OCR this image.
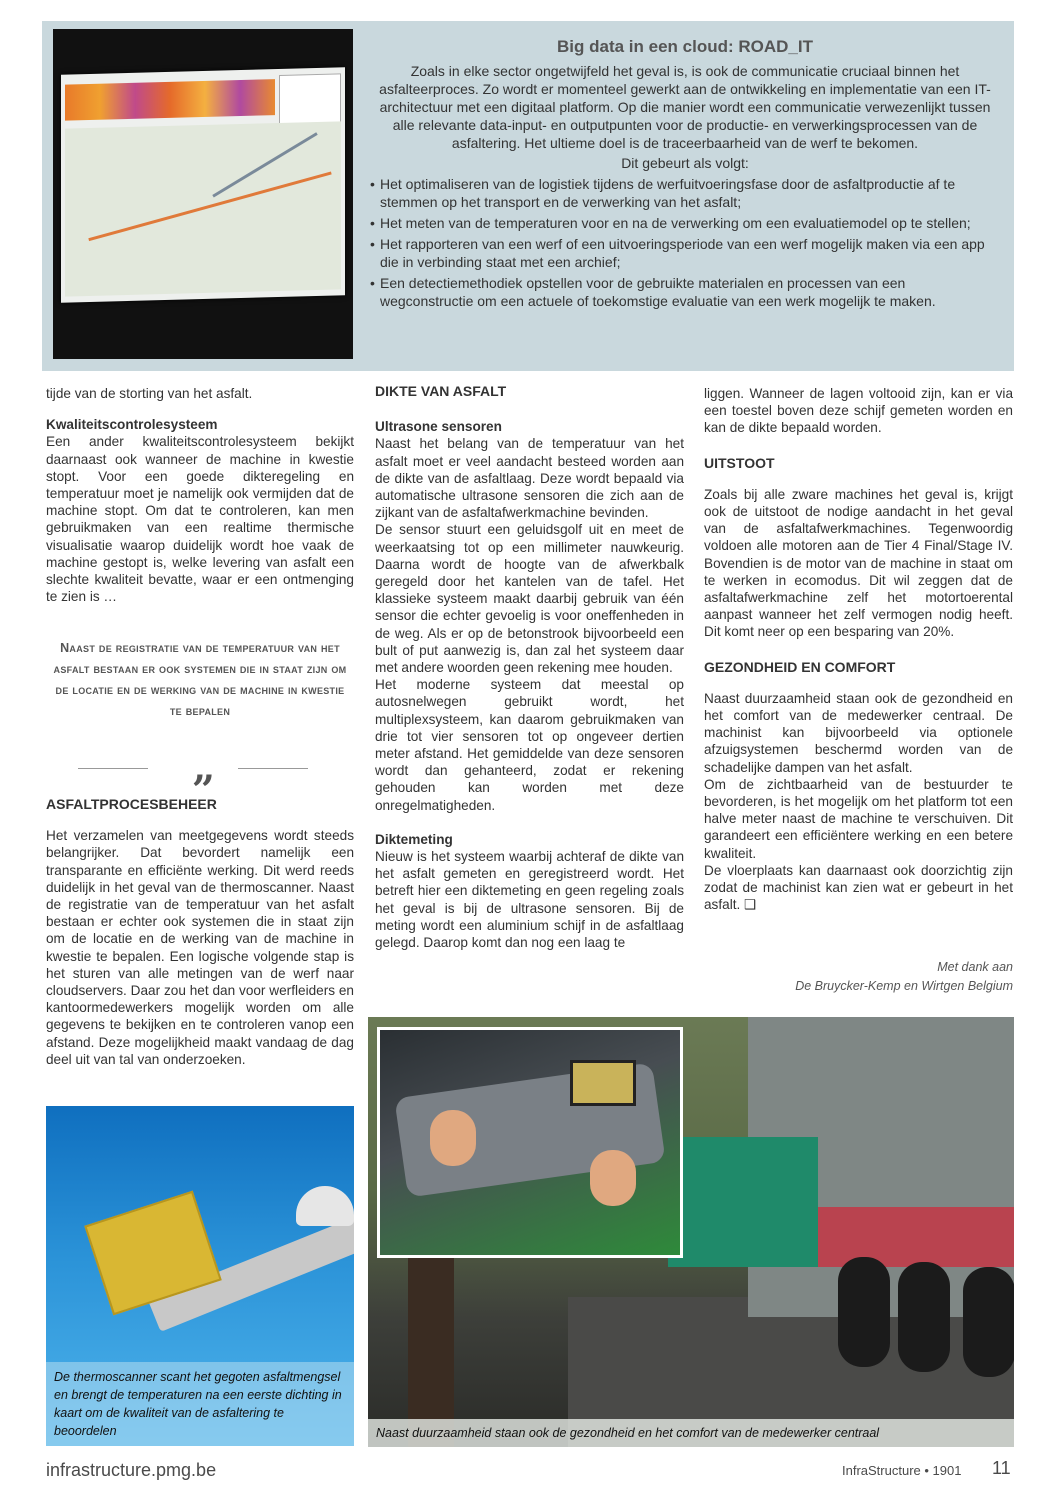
Big data in een cloud: ROAD_IT
Zoals in elke sector ongetwijfeld het geval is, is ook de communicatie cruciaal binnen het asfalteerproces. Zo wordt er momenteel gewerkt aan de ontwikkeling en implementatie van een IT-architectuur met een digitaal platform. Op die manier wordt een communicatie verwezenlijkt tussen alle relevante data-input- en outputpunten voor de productie- en verwerkingsprocessen van de asfaltering. Het ultieme doel is de traceerbaarheid van de werf te bekomen.
Dit gebeurt als volgt:
• Het optimaliseren van de logistiek tijdens de werfuitvoeringsfase door de asfaltproductie af te stemmen op het transport en de verwerking van het asfalt;
• Het meten van de temperaturen voor en na de verwerking om een evaluatiemodel op te stellen;
• Het rapporteren van een werf of een uitvoeringsperiode van een werf mogelijk maken via een app die in verbinding staat met een archief;
• Een detectiemethodiek opstellen voor de gebruikte materialen en processen van een wegconstructie om een actuele of toekomstige evaluatie van een werk mogelijk te maken.

tijde van de storting van het asfalt.

Kwaliteitscontrolesysteem

Een ander kwaliteitscontrolesysteem bekijkt daarnaast ook wanneer de machine in kwestie stopt. Voor een goede dikteregeling en temperatuur moet je namelijk ook vermijden dat de machine stopt. Om dat te controleren, kan men gebruikmaken van een realtime thermische visualisatie waarop duidelijk wordt hoe vaak de machine gestopt is, welke levering van asfalt een slechte kwaliteit bevatte, waar er een ontmenging te zien is …

Naast de registratie van de temperatuur van het asfalt bestaan er ook systemen die in staat zijn om de locatie en de werking van de machine in kwestie te bepalen
„

ASFALTPROCESBEHEER

Het verzamelen van meetgegevens wordt steeds belangrijker. Dat bevordert namelijk een transparante en efficiënte werking. Dit werd reeds duidelijk in het geval van de thermoscanner. Naast de registratie van de temperatuur van het asfalt bestaan er echter ook systemen die in staat zijn om de locatie en de werking van de machine in kwestie te bepalen. Een logische volgende stap is het sturen van alle metingen van de werf naar cloudservers. Daar zou het dan voor werfleiders en kantoormedewerkers mogelijk worden om alle gegevens te bekijken en te controleren vanop een afstand. Deze mogelijkheid maakt vandaag de dag deel uit van tal van onderzoeken.

DIKTE VAN ASFALT

Ultrasone sensoren

Naast het belang van de temperatuur van het asfalt moet er veel aandacht besteed worden aan de dikte van de asfaltlaag. Deze wordt bepaald via automatische ultrasone sensoren die zich aan de zijkant van de asfaltafwerkmachine bevinden.

De sensor stuurt een geluidsgolf uit en meet de weerkaatsing tot op een millimeter nauwkeurig. Daarna wordt de hoogte van de afwerkbalk geregeld door het kantelen van de tafel. Het klassieke systeem maakt daarbij gebruik van één sensor die echter gevoelig is voor oneffenheden in de weg. Als er op de betonstrook bijvoorbeeld een bult of put aanwezig is, dan zal het systeem daar met andere woorden geen rekening mee houden.

Het moderne systeem dat meestal op autosnelwegen gebruikt wordt, het multiplexsysteem, kan daarom gebruikmaken van drie tot vier sensoren tot op ongeveer dertien meter afstand. Het gemiddelde van deze sensoren wordt dan gehanteerd, zodat er rekening gehouden kan worden met deze onregelmatigheden.

Diktemeting

Nieuw is het systeem waarbij achteraf de dikte van het asfalt gemeten en geregistreerd wordt. Het betreft hier een diktemeting en geen regeling zoals het geval is bij de ultrasone sensoren. Bij de meting wordt een aluminium schijf in de asfaltlaag gelegd. Daarop komt dan nog een laag te

liggen. Wanneer de lagen voltooid zijn, kan er via een toestel boven deze schijf gemeten worden en kan de dikte bepaald worden.

UITSTOOT

Zoals bij alle zware machines het geval is, krijgt ook de uitstoot de nodige aandacht in het geval van de asfaltafwerkmachines. Tegenwoordig voldoen alle motoren aan de Tier 4 Final/Stage IV. Bovendien is de motor van de machine in staat om te werken in ecomodus. Dit wil zeggen dat de asfaltafwerkmachine zelf het motortoerental aanpast wanneer het zelf vermogen nodig heeft. Dit komt neer op een besparing van 20%.

GEZONDHEID EN COMFORT

Naast duurzaamheid staan ook de gezondheid en het comfort van de medewerker centraal. De machinist kan bijvoorbeeld via optionele afzuigsystemen beschermd worden van de schadelijke dampen van het asfalt.

Om de zichtbaarheid van de bestuurder te bevorderen, is het mogelijk om het platform tot een halve meter naast de machine te verschuiven. Dit garandeert een efficiëntere werking en een betere kwaliteit.

De vloerplaats kan daarnaast ook doorzichtig zijn zodat de machinist kan zien wat er gebeurt in het asfalt. ❑

Met dank aan
De Bruycker-Kemp en Wirtgen Belgium
De thermoscanner scant het gegoten asfaltmengsel en brengt de temperaturen na een eerste dichting in kaart om de kwaliteit van de asfaltering te beoordelen	Naast duurzaamheid staan ook de gezondheid en het comfort van de medewerker centraal
infrastructure.pmg.be	InfraStructure • 1901 11
